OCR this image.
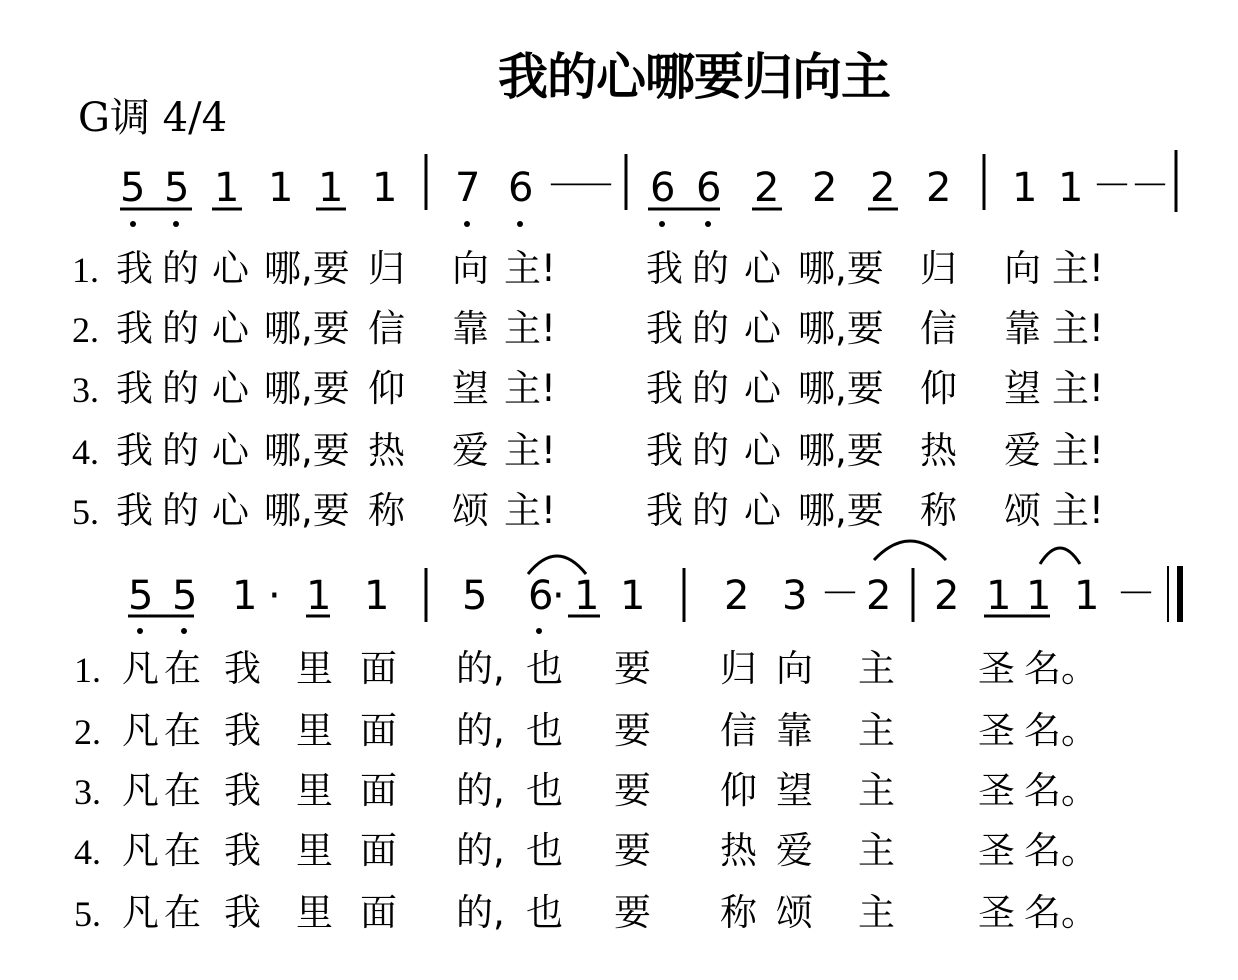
我的心哪要归向主
G调 4/4
5 5 1 1 1 1 7 6 －
－ 6 6 2 2 2 2 1 1 －
－
1. 我 的 心 哪,要 归 向 主! 我 的 心 哪,要 归 向 主!
2. 我 的 心 哪,要 信 靠 主! 我 的 心 哪,要 信 靠 主!
3. 我 的 心 哪,要 仰 望 主! 我 的 心 哪,要 仰 望 主!
4. 我 的 心 哪,要 热 爱 主! 我 的 心 哪,要 热 爱 主!
5. 我 的 心 哪,要 称 颂 主! 我 的 心 哪,要 称 颂 主!
5 5 1 · 1 1 5 6
· 1 1 2 3 － 2 2 1 1 1 －
1. 凡 在 我 里 面 的, 也 要 归 向 主 圣 名。
2. 凡 在 我 里 面 的, 也 要 信 靠 主 圣 名。
3. 凡 在 我 里 面 的, 也 要 仰 望 主 圣 名。
4. 凡 在 我 里 面 的, 也 要 热 爱 主 圣 名。
5. 凡 在 我 里 面 的, 也 要 称 颂 主 圣 名。
